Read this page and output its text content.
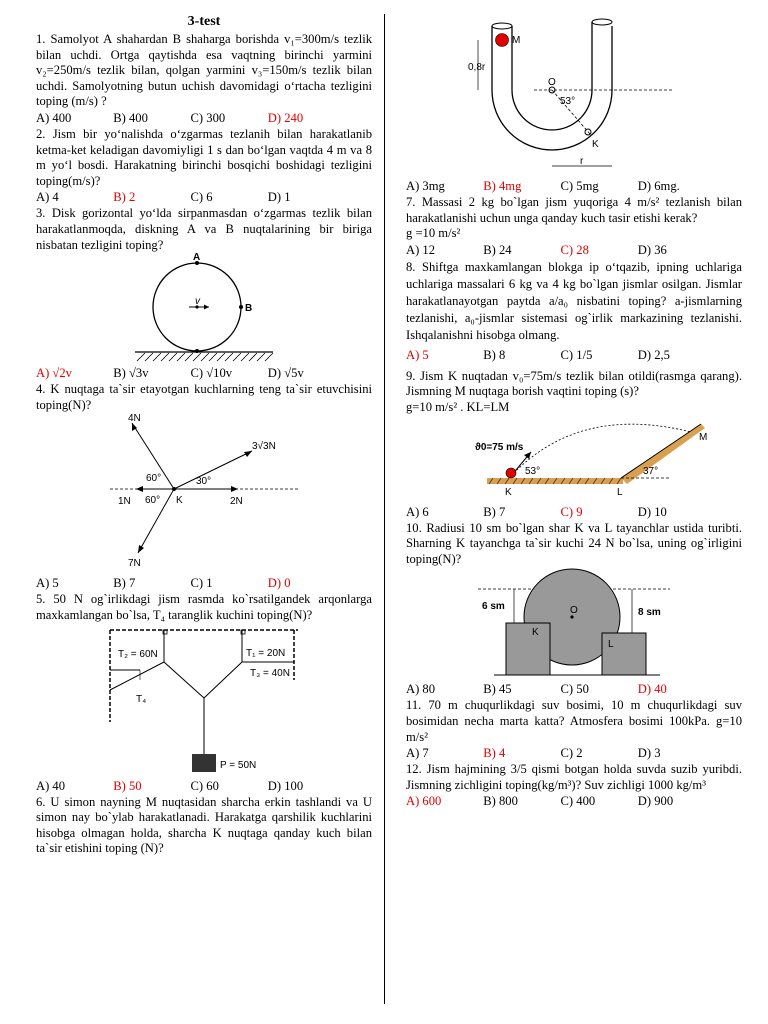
3-test

1. Samolyot A shahardan B shaharga borishda v₁=300m/s tezlik bilan uchdi. Ortga qaytishda esa vaqtning birinchi yarmini v₂=250m/s tezlik bilan, qolgan yarmini v₃=150m/s tezlik bilan uchdi. Samolyotning butun uchish davomidagi oʻrtacha tezligini toping (m/s) ?

A) 400	B) 400	C) 300	D) 240

2. Jism bir yoʻnalishda oʻzgarmas tezlanih bilan harakatlanib ketma-ket keladigan davomiyligi 1 s dan boʻlgan vaqtda 4 m va 8 m yoʻl bosdi. Harakatning birinchi bosqichi boshidagi tezligini toping(m/s)?

A) 4	B) 2	C) 6	D) 1

3. Disk gorizontal yoʻlda sirpanmasdan oʻzgarmas tezlik bilan harakatlanmoqda, diskning A va B nuqtalarining bir biriga nisbatan tezligini toping?

v
A
B
A) √2v	B) √3v	C) √10v	D) √5v

4. K nuqtaga ta`sir etayotgan kuchlarning teng ta`sir etuvchisini toping(N)?

4N
3√3N
2N
1N
7N
60°
60°
30°
K
A) 5	B) 7	C) 1	D) 0

5. 50 N og`irlikdagi jism rasmda ko`rsatilgandek arqonlarga maxkamlangan bo`lsa, T₄ taranglik kuchini toping(N)?

T₂ = 60N	T₁ = 20N
T₃ = 40N
T₄
P = 50N
A) 40	B) 50	C) 60	D) 100

6. U simon nayning M nuqtasidan sharcha erkin tashlandi va U simon nay bo`ylab harakatlanadi. Harakatga qarshilik kuchlarini hisobga olmagan holda, sharcha K nuqtaga qanday kuch bilan ta`sir etishini toping (N)?

M
0,8r
O
K
53°
r
A) 3mg	B) 4mg	C) 5mg	D) 6mg.

7. Massasi 2 kg bo`lgan jism yuqoriga 4 m/s² tezlanish bilan harakatlanishi uchun unga qanday kuch tasir etishi kerak?

g =10 m/s²

A) 12	B) 24	C) 28	D) 36

8. Shiftga maxkamlangan blokga ip oʻtqazib, ipning uchlariga uchlariga massalari 6 kg va 4 kg bo`lgan jismlar osilgan. Jismlar harakatlanayotgan paytda a/a₀ nisbatini toping? a-jismlarning tezlanishi, a₀-jismlar sistemasi og`irlik markazining tezlanishi. Ishqalanishni hisobga olmang.

A) 5	B) 8	C) 1/5	D) 2,5

9. Jism K nuqtadan v₀=75m/s tezlik bilan otildi(rasmga qarang). Jismning M nuqtaga borish vaqtini toping (s)?

g=10 m/s² . KL=LM

ϑ0=75 m/s
53°	37°
K	L
M
A) 6	B) 7	C) 9	D) 10

10. Radiusi 10 sm bo`lgan shar K va L tayanchlar ustida turibti. Sharning K tayanchga ta`sir kuchi 24 N bo`lsa, uning og`irligini toping(N)?

O
K
L
6 sm
8 sm
A) 80	B) 45	C) 50	D) 40

11. 70 m chuqurlikdagi suv bosimi, 10 m chuqurlikdagi suv bosimidan necha marta katta? Atmosfera bosimi 100kPa. g=10 m/s²

A) 7	B) 4	C) 2	D) 3

12. Jism hajmining 3/5 qismi botgan holda suvda suzib yuribdi. Jismning zichligini toping(kg/m³)? Suv zichligi 1000 kg/m³

A) 600	B) 800	C) 400	D) 900
